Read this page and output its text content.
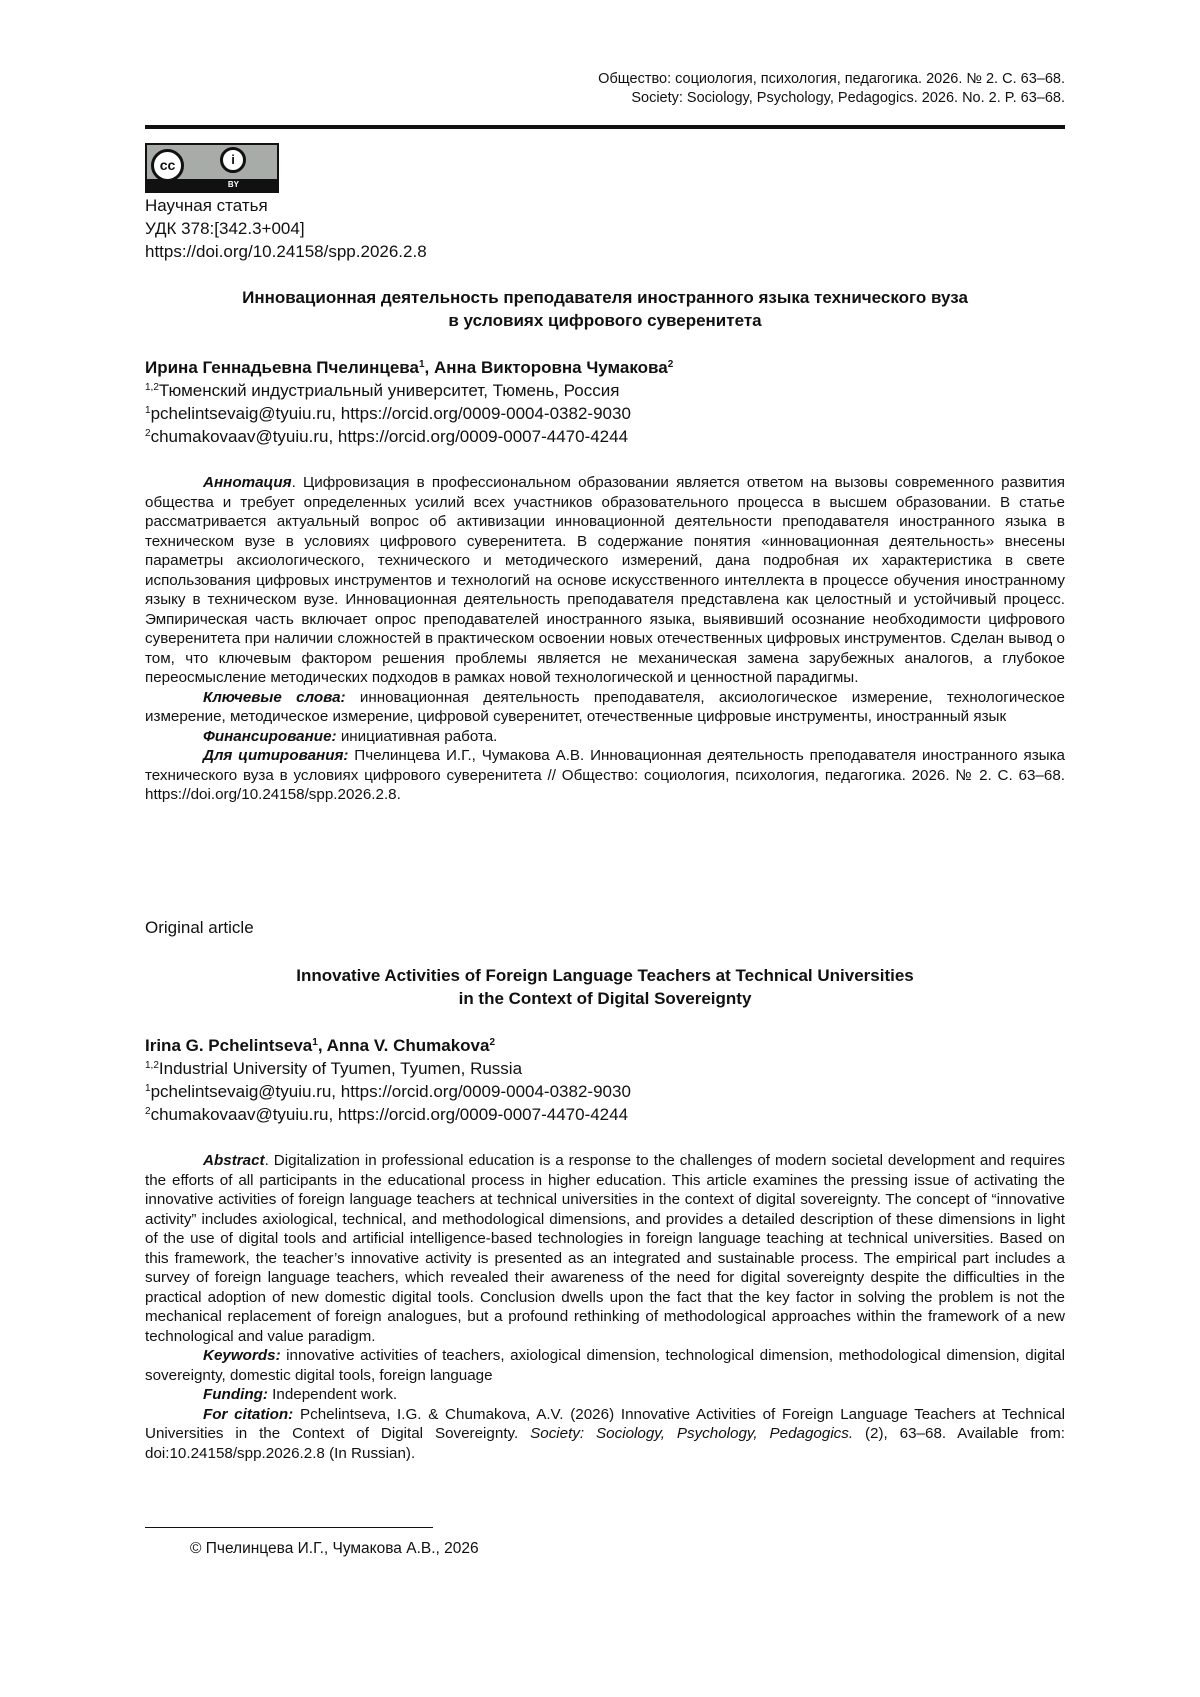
Общество: социология, психология, педагогика. 2026. № 2. С. 63–68.
Society: Sociology, Psychology, Pedagogics. 2026. No. 2. P. 63–68.
cc	i
BY
Научная статья
УДК 378:[342.3+004]
https://doi.org/10.24158/spp.2026.2.8
Инновационная деятельность преподавателя иностранного языка технического вуза
в условиях цифрового суверенитета
Ирина Геннадьевна Пчелинцева$^1$, Анна Викторовна Чумакова$^2$
$^{1,2}$Тюменский индустриальный университет, Тюмень, Россия
$^1$pchelintsevaig@tyuiu.ru, https://orcid.org/0009-0004-0382-9030
$^2$chumakovaav@tyuiu.ru, https://orcid.org/0009-0007-4470-4244

Аннотация. Цифровизация в профессиональном образовании является ответом на вызовы современного развития общества и требует определенных усилий всех участников образовательного процесса в высшем образовании. В статье рассматривается актуальный вопрос об активизации инновационной деятельности преподавателя иностранного языка в техническом вузе в условиях цифрового суверенитета. В содержание понятия «инновационная деятельность» внесены параметры аксиологического, технического и методического измерений, дана подробная их характеристика в свете использования цифровых инструментов и технологий на основе искусственного интеллекта в процессе обучения иностранному языку в техническом вузе. Инновационная деятельность преподавателя представлена как целостный и устойчивый процесс. Эмпирическая часть включает опрос преподавателей иностранного языка, выявивший осознание необходимости цифрового суверенитета при наличии сложностей в практическом освоении новых отечественных цифровых инструментов. Сделан вывод о том, что ключевым фактором решения проблемы является не механическая замена зарубежных аналогов, а глубокое переосмысление методических подходов в рамках новой технологической и ценностной парадигмы.

Ключевые слова: инновационная деятельность преподавателя, аксиологическое измерение, технологическое измерение, методическое измерение, цифровой суверенитет, отечественные цифровые инструменты, иностранный язык

Финансирование: инициативная работа.

Для цитирования: Пчелинцева И.Г., Чумакова А.В. Инновационная деятельность преподавателя иностранного языка технического вуза в условиях цифрового суверенитета // Общество: социология, психология, педагогика. 2026. № 2. С. 63–68. https://doi.org/10.24158/spp.2026.2.8.

Original article
Innovative Activities of Foreign Language Teachers at Technical Universities
in the Context of Digital Sovereignty
Irina G. Pchelintseva$^1$, Anna V. Chumakova$^2$
$^{1,2}$Industrial University of Tyumen, Tyumen, Russia
$^1$pchelintsevaig@tyuiu.ru, https://orcid.org/0009-0004-0382-9030
$^2$chumakovaav@tyuiu.ru, https://orcid.org/0009-0007-4470-4244

Abstract. Digitalization in professional education is a response to the challenges of modern societal development and requires the efforts of all participants in the educational process in higher education. This article examines the pressing issue of activating the innovative activities of foreign language teachers at technical universities in the context of digital sovereignty. The concept of “innovative activity” includes axiological, technical, and methodological dimensions, and provides a detailed description of these dimensions in light of the use of digital tools and artificial intelligence-based technologies in foreign language teaching at technical universities. Based on this framework, the teacher’s innovative activity is presented as an integrated and sustainable process. The empirical part includes a survey of foreign language teachers, which revealed their awareness of the need for digital sovereignty despite the difficulties in the practical adoption of new domestic digital tools. Conclusion dwells upon the fact that the key factor in solving the problem is not the mechanical replacement of foreign analogues, but a profound rethinking of methodological approaches within the framework of a new technological and value paradigm.

Keywords: innovative activities of teachers, axiological dimension, technological dimension, methodological dimension, digital sovereignty, domestic digital tools, foreign language

Funding: Independent work.

For citation: Pchelintseva, I.G. & Chumakova, A.V. (2026) Innovative Activities of Foreign Language Teachers at Technical Universities in the Context of Digital Sovereignty. Society: Sociology, Psychology, Pedagogics. (2), 63–68. Available from: doi:10.24158/spp.2026.2.8 (In Russian).

© Пчелинцева И.Г., Чумакова А.В., 2026
